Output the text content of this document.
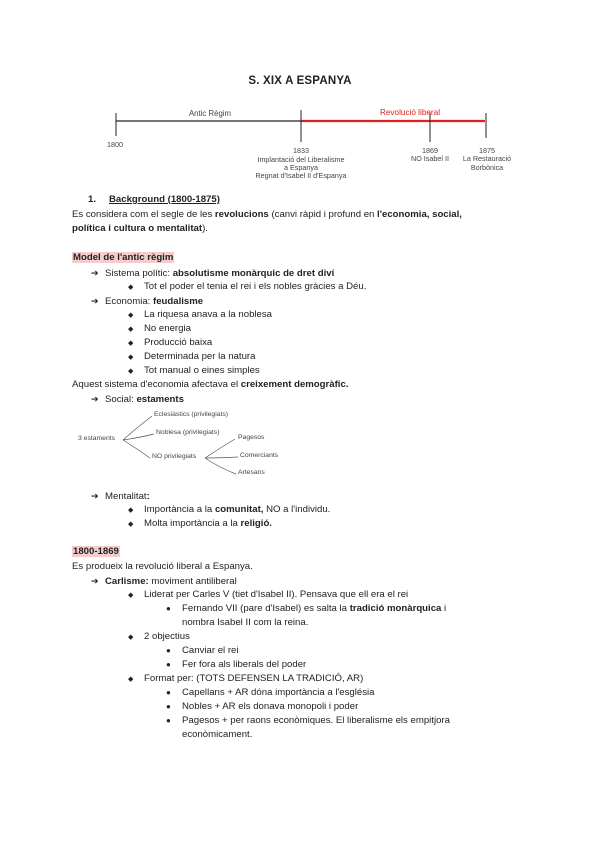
S. XIX A ESPANYA
Antic Règim	Revolució liberal
1800
1833
Implantació del Liberalisme
a Espanya
Regnat d'Isabel II d'Espanya
1869
NO Isabel II
1875
La Restauració
Borbònica
1. Background (1800-1875)
Es considera com el segle de les revolucions (canvi ràpid i profund en l'economia, social,
política i cultura o mentalitat).
Model de l'antic règim
➔ Sistema polític: absolutisme monàrquic de dret diví
◆ Tot el poder el tenia el rei i els nobles gràcies a Déu.
➔ Economia: feudalisme
◆ La riquesa anava a la noblesa
◆ No energia
◆ Producció baixa
◆ Determinada per la natura
◆ Tot manual o eines simples
Aquest sistema d'economia afectava el creixement demogràfic.
➔ Social: estaments
3 estaments
Eclesiàstics (privilegiats)
Noblesa (privilegiats)
NO privilegiats
Pagesos
Comerciants
Artesans
➔ Mentalitat:
◆ Importància a la comunitat, NO a l'individu.
◆ Molta importància a la religió.
1800-1869
Es produeix la revolució liberal a Espanya.
➔ Carlisme: moviment antiliberal
◆ Liderat per Carles V (tiet d'Isabel II). Pensava que ell era el rei
● Fernando VII (pare d'Isabel) es salta la tradició monàrquica i
nombra Isabel II com la reina.
◆ 2 objectius
● Canviar el rei
● Fer fora als liberals del poder
◆ Format per: (TOTS DEFENSEN LA TRADICIÓ, AR)
● Capellans + AR dóna importància a l'església
● Nobles + AR els donava monopoli i poder
● Pagesos + per raons econòmiques. El liberalisme els empitjora
econòmicament.
